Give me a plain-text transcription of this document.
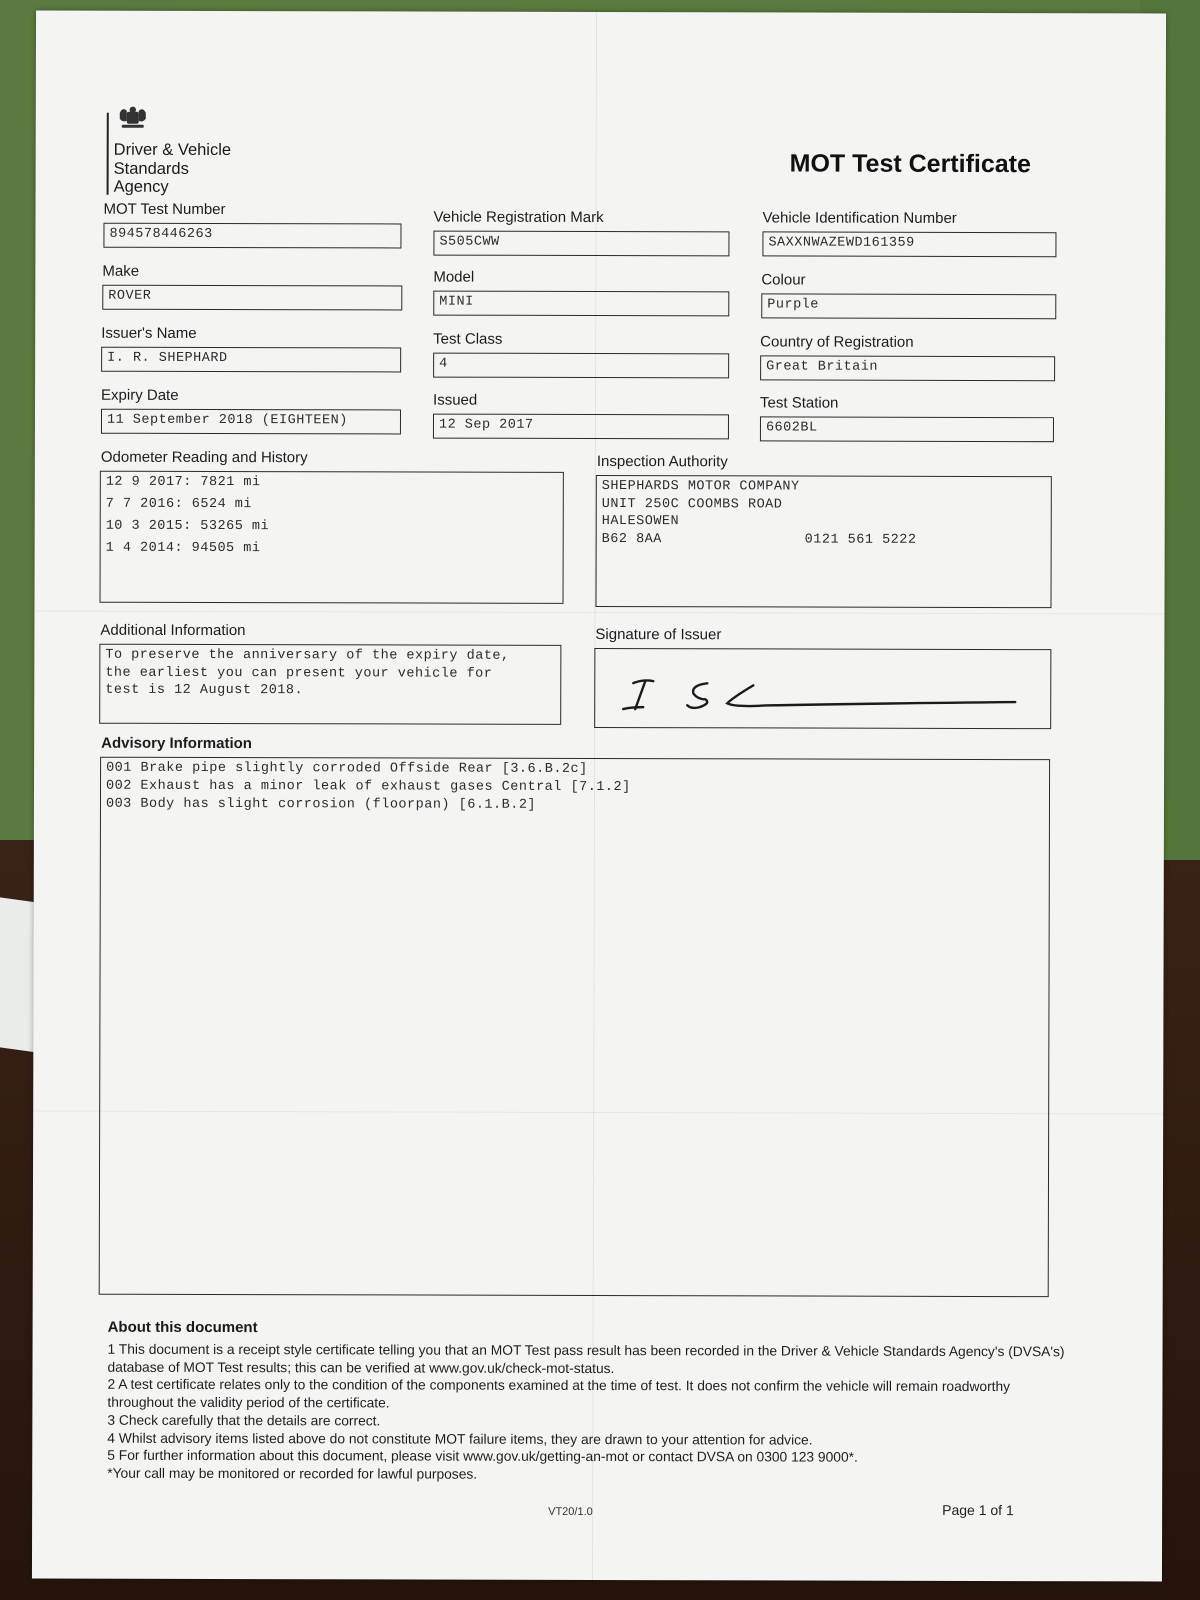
Driver & Vehicle
Standards
Agency
MOT Test Certificate
MOT Test Number
894578446263
Vehicle Registration Mark
S505CWW
Vehicle Identification Number
SAXXNWAZEWD161359
Make
ROVER
Model
MINI
Colour
Purple
Issuer's Name
I. R. SHEPHARD
Test Class
4
Country of Registration
Great Britain
Expiry Date
11 September 2018 (EIGHTEEN)
Issued
12 Sep 2017
Test Station
6602BL
Odometer Reading and History
12 9 2017: 7821 mi
7 7 2016: 6524 mi
10 3 2015: 53265 mi
1 4 2014: 94505 mi
Inspection Authority
SHEPHARDS MOTOR COMPANY
UNIT 250C COOMBS ROAD
HALESOWEN
B62 8AA	0121 561 5222
Additional Information
To preserve the anniversary of the expiry date,
the earliest you can present your vehicle for
test is 12 August 2018.
Signature of Issuer
Advisory Information
001 Brake pipe slightly corroded Offside Rear [3.6.B.2c]
002 Exhaust has a minor leak of exhaust gases Central [7.1.2]
003 Body has slight corrosion (floorpan) [6.1.B.2]
About this document

1 This document is a receipt style certificate telling you that an MOT Test pass result has been recorded in the Driver & Vehicle Standards Agency's (DVSA's) database of MOT Test results; this can be verified at www.gov.uk/check-mot-status.

2 A test certificate relates only to the condition of the components examined at the time of test. It does not confirm the vehicle will remain roadworthy throughout the validity period of the certificate.

3 Check carefully that the details are correct.

4 Whilst advisory items listed above do not constitute MOT failure items, they are drawn to your attention for advice.

5 For further information about this document, please visit www.gov.uk/getting-an-mot or contact DVSA on 0300 123 9000*.

*Your call may be monitored or recorded for lawful purposes.

VT20/1.0	Page 1 of 1
